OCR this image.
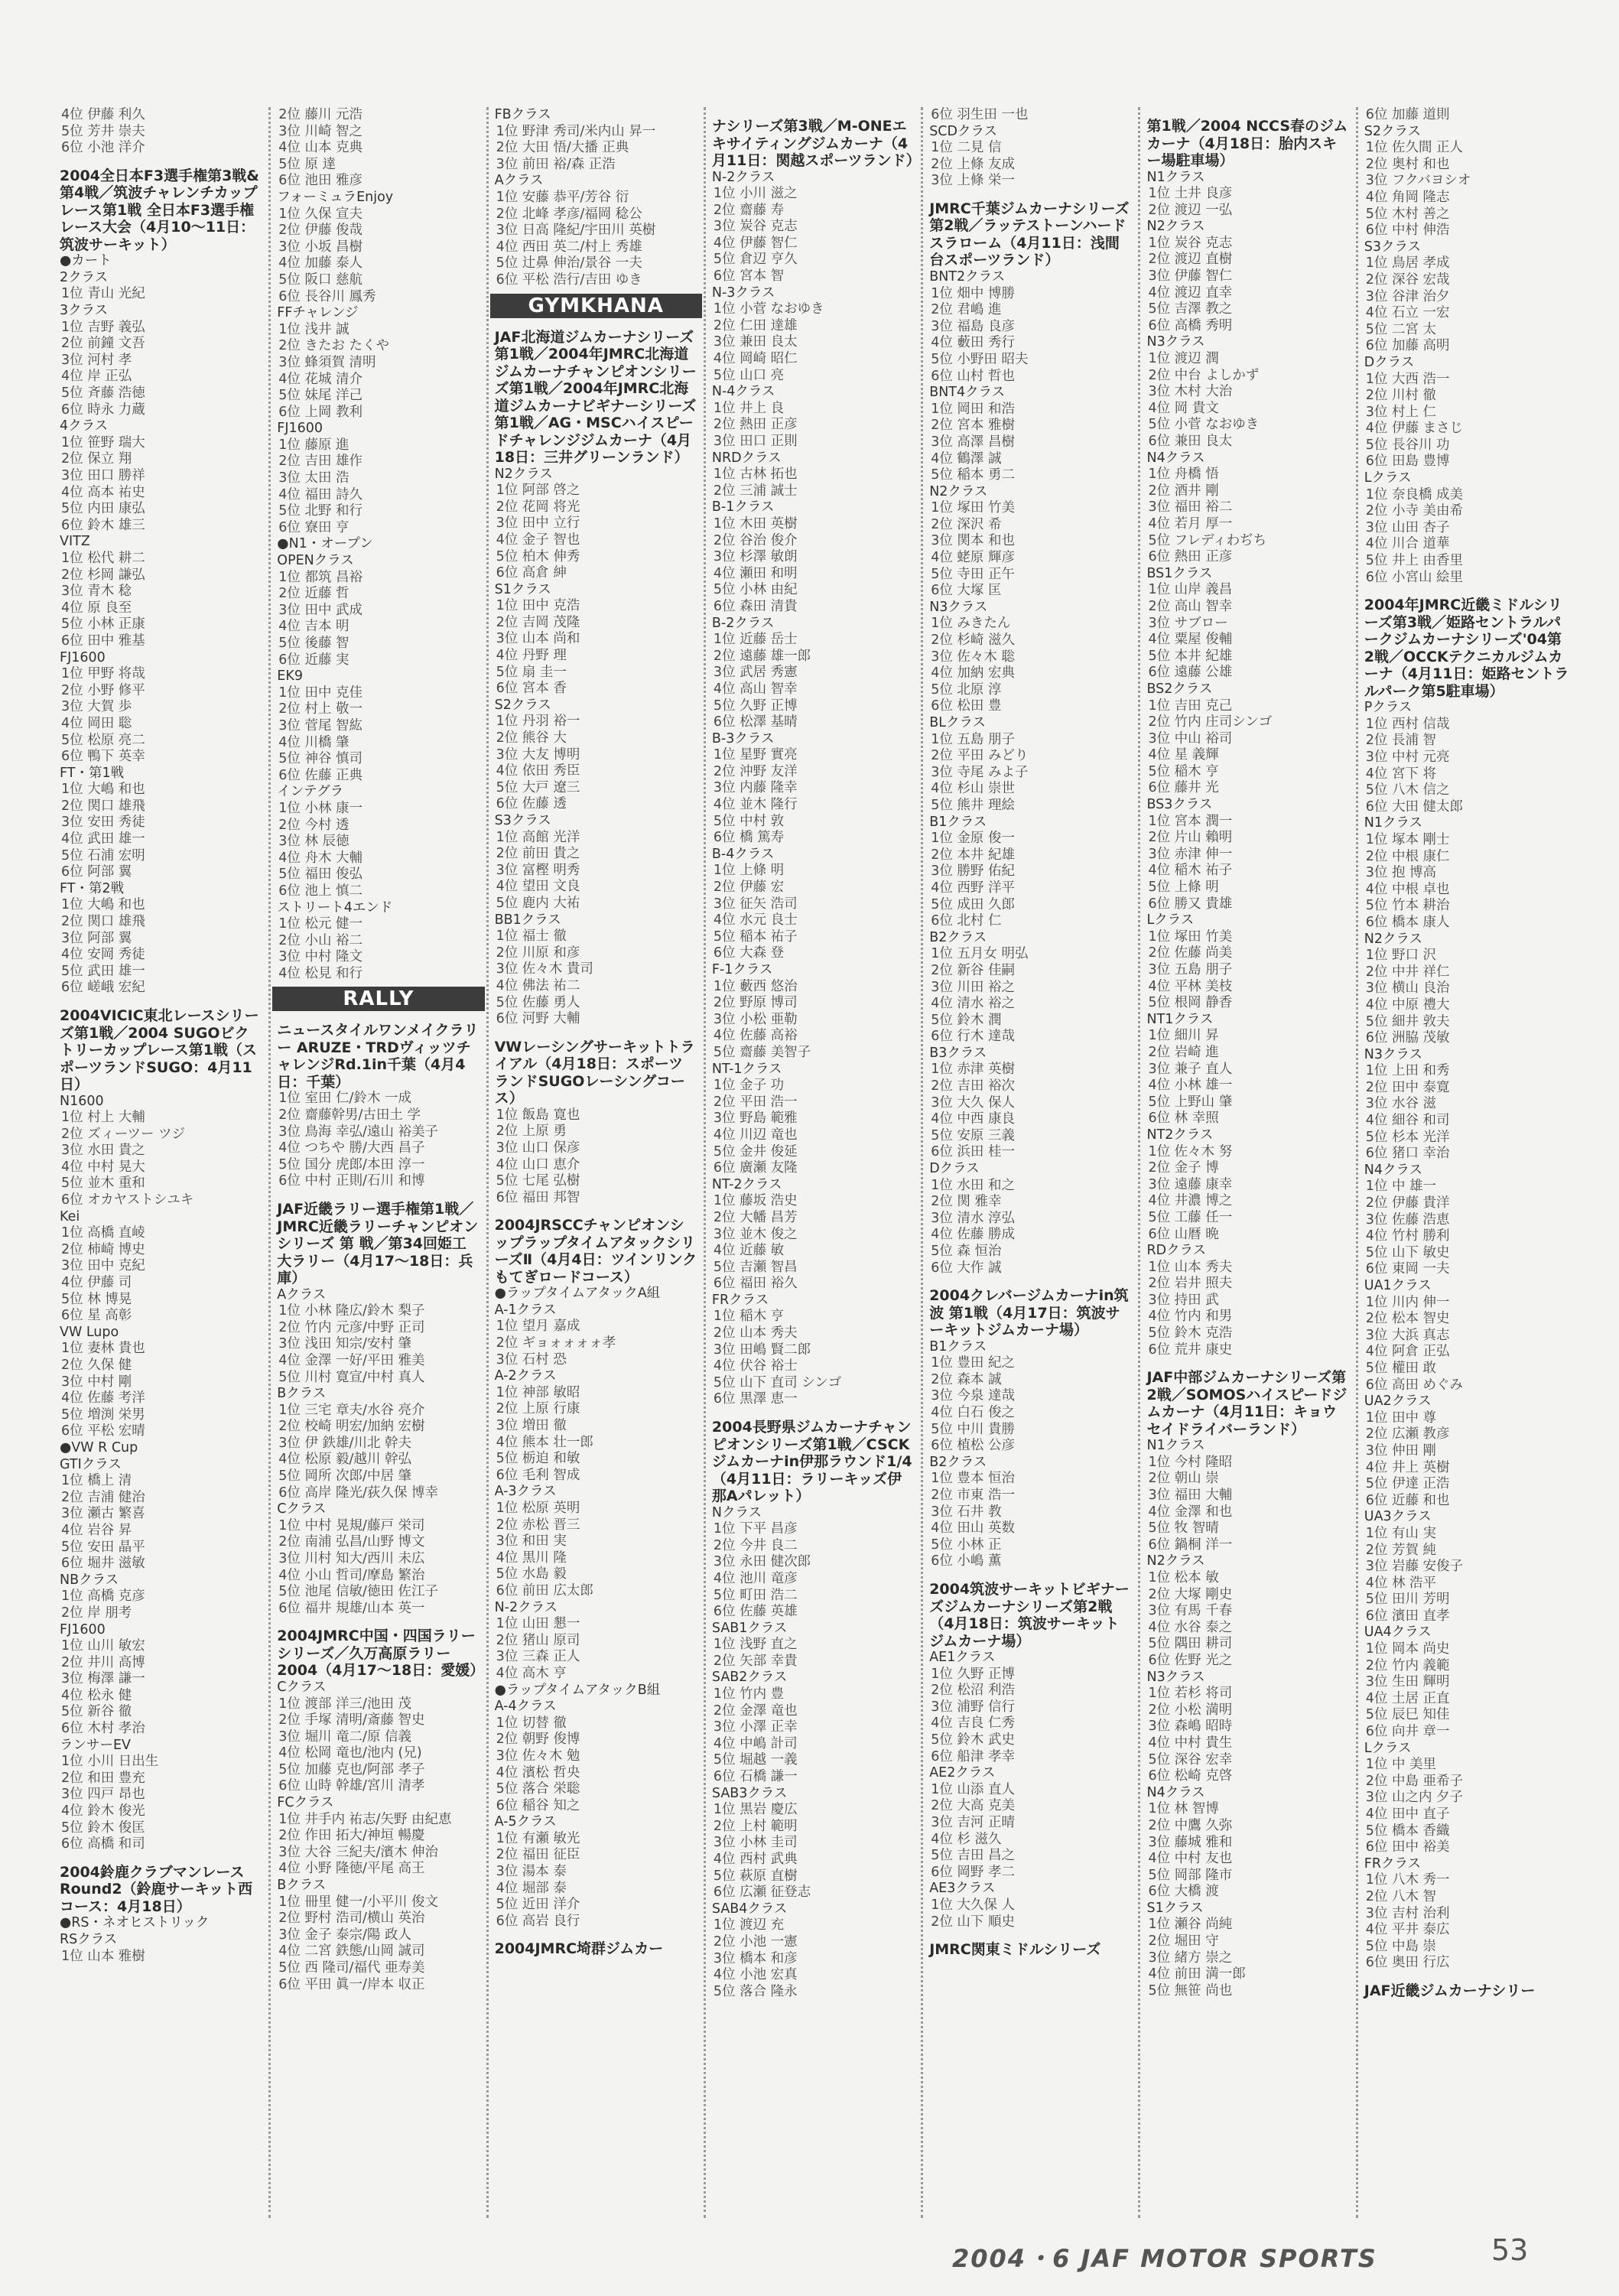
4位 伊藤 利久
5位 芳井 崇夫
6位 小池 洋介
2004全日本F3選手権第3戦&第4戦／筑波チャレンチカップレース第1戦 全日本F3選手権レース大会（4月10〜11日：筑波サーキット）
●カート
2クラス
1位 青山 光紀
3クラス
1位 吉野 義弘
2位 前鐘 文吾
3位 河村 孝
4位 岸 正弘
5位 斉藤 浩徳
6位 時永 力蔵
4クラス
1位 笹野 瑞大
2位 保立 翔
3位 田口 勝祥
4位 高本 祐史
5位 内田 康弘
6位 鈴木 雄三
VITZ
1位 松代 耕二
2位 杉岡 謙弘
3位 青木 稔
4位 原 良至
5位 小林 正康
6位 田中 雅基
FJ1600
1位 甲野 将哉
2位 小野 修平
3位 大賀 歩
4位 岡田 聡
5位 松原 亮二
6位 鴨下 英幸
FT・第1戦
1位 大嶋 和也
2位 関口 雄飛
3位 安田 秀徒
4位 武田 雄一
5位 石浦 宏明
6位 阿部 翼
FT・第2戦
1位 大嶋 和也
2位 関口 雄飛
3位 阿部 翼
4位 安岡 秀徒
5位 武田 雄一
6位 嵯峨 宏紀
2004VICIC東北レースシリーズ第1戦／2004 SUGOビクトリーカップレース第1戦（スポーツランドSUGO：4月11日）
N1600
1位 村上 大輔
2位 ズィーツー ツジ
3位 水田 貴之
4位 中村 晃大
5位 並木 重和
6位 オカヤストシユキ
Kei
1位 高橋 直崚
2位 柿崎 博史
3位 田中 克紀
4位 伊藤 司
5位 林 博晃
6位 星 高彰
VW Lupo
1位 妻林 貴也
2位 久保 健
3位 中村 剛
4位 佐藤 考洋
5位 増渕 栄男
6位 平松 宏晴
●VW R Cup
GTIクラス
1位 橋上 清
2位 吉浦 健治
3位 瀬古 繁喜
4位 岩谷 昇
5位 安田 晶平
6位 堀井 滋敏
NBクラス
1位 高橋 克彦
2位 岸 朋考
FJ1600
1位 山川 敏宏
2位 井川 高博
3位 梅澤 謙一
4位 松永 健
5位 新谷 徹
6位 木村 孝治
ランサーEV
1位 小川 日出生
2位 和田 豊充
3位 四戸 昂也
4位 鈴木 俊光
5位 鈴木 俊匡
6位 高橋 和司
2004鈴鹿クラブマンレースRound2（鈴鹿サーキット西コース：4月18日）
●RS・ネオヒストリック
RSクラス
1位 山本 雅樹
2位 藤川 元浩
3位 川崎 智之
4位 山本 克典
5位 原 達
6位 池田 雅彦
フォーミュラEnjoy
1位 久保 宣夫
2位 伊藤 俊哉
3位 小坂 昌樹
4位 加藤 泰人
5位 阪口 慈航
6位 長谷川 鳳秀
FFチャレンジ
1位 浅井 誠
2位 きたお たくや
3位 蜂須賀 清明
4位 花城 清介
5位 妹尾 洋己
6位 上岡 教利
FJ1600
1位 藤原 進
2位 吉田 雄作
3位 太田 浩
4位 福田 詩久
5位 北野 和行
6位 寮田 亨
●N1・オープン
OPENクラス
1位 都筑 昌裕
2位 近藤 哲
3位 田中 武成
4位 吉本 明
5位 後藤 智
6位 近藤 実
EK9
1位 田中 克佳
2位 村上 敬一
3位 菅尾 智紘
4位 川橋 肇
5位 神谷 慎司
6位 佐藤 正典
インテグラ
1位 小林 康一
2位 今村 透
3位 林 辰徳
4位 舟木 大輔
5位 福田 俊弘
6位 池上 慎二
ストリート4エンド
1位 松元 健一
2位 小山 裕二
3位 中村 隆文
4位 松見 和行
RALLY
ニュースタイルワンメイクラリー ARUZE・TRDヴィッツチャレンジRd.1in千葉（4月4日：千葉）
1位 室田 仁/鈴木 一成
2位 齋藤幹男/古田土 学
3位 鳥海 幸弘/遠山 裕美子
4位 つちや 勝/大西 昌子
5位 国分 虎郎/本田 淳一
6位 中村 正則/石川 和博
JAF近畿ラリー選手権第1戦／JMRC近畿ラリーチャンピオンシリーズ 第 戦／第34回姫工大ラリー（4月17〜18日：兵庫）
Aクラス
1位 小林 隆広/鈴木 梨子
2位 竹内 元彦/中野 正司
3位 浅田 知宗/安村 肇
4位 金澤 一好/平田 雅美
5位 川村 寛宣/中村 真人
Bクラス
1位 三宅 章夫/水谷 亮介
2位 校崎 明宏/加納 宏樹
3位 伊 鉄雄/川北 幹夫
4位 松原 毅/越川 幹弘
5位 岡所 次郎/中居 肇
6位 高岸 隆光/荻久保 博幸
Cクラス
1位 中村 晃規/藤戸 栄司
2位 南浦 弘昌/山野 博文
3位 川村 知大/西川 未広
4位 小山 哲司/摩島 繁治
5位 池尾 信敏/徳田 佐江子
6位 福井 規雄/山本 英一
2004JMRC中国・四国ラリーシリーズ／久万高原ラリー2004（4月17〜18日：愛媛）
Cクラス
1位 渡部 洋三/池田 茂
2位 手塚 清明/斎藤 智史
3位 堀川 竜二/原 信義
4位 松岡 竜也/池内 (兄)
5位 加藤 克也/阿部 孝子
6位 山時 幹雄/宮川 清孝
FCクラス
1位 井手内 祐志/矢野 由紀恵
2位 作田 拓大/神垣 暢慶
3位 大谷 三紀夫/濱木 伸治
4位 小野 隆徳/平尾 高王
Bクラス
1位 冊里 健一/小平川 俊文
2位 野村 浩司/横山 英治
3位 金子 泰宗/陽 政人
4位 二宮 鉄態/山岡 誠司
5位 西 隆司/福代 亜寿美
6位 平田 眞一/岸本 収正
FBクラス
1位 野津 秀司/米内山 昇一
2位 大田 悟/大播 正典
3位 前田 裕/森 正浩
Aクラス
1位 安藤 恭平/芳谷 衍
2位 北峰 孝彦/福岡 稔公
3位 日高 隆紀/宇田川 英樹
4位 西田 英二/村上 秀雄
5位 辻鼻 伸治/景谷 一夫
6位 平松 浩行/吉田 ゆき
GYMKHANA
JAF北海道ジムカーナシリーズ第1戦／2004年JMRC北海道ジムカーナチャンピオンシリーズ第1戦／2004年JMRC北海道ジムカーナビギナーシリーズ第1戦／AG・MSCハイスピードチャレンジジムカーナ（4月18日：三井グリーンランド）
N2クラス
1位 阿部 啓之
2位 花岡 将光
3位 田中 立行
4位 金子 智也
5位 柏木 伸秀
6位 高倉 紳
S1クラス
1位 田中 克浩
2位 吉岡 茂隆
3位 山本 尚和
4位 丹野 理
5位 扇 圭一
6位 宮本 香
S2クラス
1位 丹羽 裕一
2位 熊谷 大
3位 大友 博明
4位 依田 秀臣
5位 大戸 遼三
6位 佐藤 透
S3クラス
1位 高館 光洋
2位 前田 貴之
3位 富樫 明秀
4位 望田 文良
5位 鹿内 大祐
BB1クラス
1位 福士 徹
2位 川原 和彦
3位 佐々木 貴司
4位 佛法 祐二
5位 佐藤 勇人
6位 河野 大輔
VWレーシングサーキットトライアル（4月18日：スポーツランドSUGOレーシングコース）
1位 飯島 寛也
2位 上原 勇
3位 山口 保彦
4位 山口 恵介
5位 七尾 弘樹
6位 福田 邦智
2004JRSCCチャンピオンシップラップタイムアタックシリーズⅡ（4月4日：ツインリンクもてぎロードコース）
●ラップタイムアタックA組
A-1クラス
1位 望月 嘉成
2位 ギョォォォォ孝
3位 石村 恐
A-2クラス
1位 神部 敏昭
2位 上原 行康
3位 増田 徹
4位 熊本 壮一郎
5位 栃迫 和敏
6位 毛利 智成
A-3クラス
1位 松原 英明
2位 赤松 晋三
3位 和田 実
4位 黒川 隆
5位 水島 毅
6位 前田 広太郎
N-2クラス
1位 山田 懇一
2位 猪山 原司
3位 三森 正人
4位 高木 亨
●ラップタイムアタックB組
A-4クラス
1位 切替 徹
2位 朝野 俊博
3位 佐々木 勉
4位 濱松 哲央
5位 落合 栄聡
6位 稲谷 知之
A-5クラス
1位 有瀬 敏光
2位 福田 征臣
3位 湯本 泰
4位 堀部 泰
5位 近田 洋介
6位 高岩 良行
2004JMRC埼群ジムカー
ナシリーズ第3戦／M-ONEエキサイティングジムカーナ（4月11日：関越スポーツランド）
N-2クラス
1位 小川 滋之
2位 齋藤 寿
3位 炭谷 克志
4位 伊藤 智仁
5位 倉辺 亨久
6位 宮本 智
N-3クラス
1位 小菅 なおゆき
2位 仁田 達雄
3位 兼田 良太
4位 岡崎 昭仁
5位 山口 亮
N-4クラス
1位 井上 良
2位 熱田 正彦
3位 田口 正則
NRDクラス
1位 古林 拓也
2位 三浦 誠士
B-1クラス
1位 木田 英樹
2位 谷治 俊介
3位 杉澤 敏朗
4位 瀬田 和明
5位 小林 由紀
6位 森田 清貴
B-2クラス
1位 近藤 岳士
2位 遠藤 雄一郎
3位 武居 秀憲
4位 高山 智幸
5位 久野 正博
6位 松澤 基晴
B-3クラス
1位 星野 實亮
2位 沖野 友洋
3位 内藤 隆幸
4位 並木 隆行
5位 中村 敦
6位 橋 篤寿
B-4クラス
1位 上條 明
2位 伊藤 宏
3位 征矢 浩司
4位 水元 良士
5位 稲本 祐子
6位 大森 登
F-1クラス
1位 藪西 悠治
2位 野原 博司
3位 小松 亜勒
4位 佐藤 高裕
5位 齋藤 美智子
NT-1クラス
1位 金子 功
2位 平田 浩一
3位 野島 範雅
4位 川辺 竜也
5位 金井 俊延
6位 廣瀬 友隆
NT-2クラス
1位 藤坂 浩史
2位 大幡 昌芳
3位 並木 俊之
4位 近藤 敏
5位 吉瀬 智昌
6位 福田 裕久
FRクラス
1位 稲木 亨
2位 山本 秀夫
3位 田嶋 賢二郎
4位 伏谷 裕士
5位 山下 直司 シンゴ
6位 黒澤 恵一
2004長野県ジムカーナチャンピオンシリーズ第1戦／CSCKジムカーナin伊那ラウンド1/4（4月11日：ラリーキッズ伊那Aパレット）
Nクラス
1位 下平 昌彦
2位 今井 良二
3位 永田 健次郎
4位 池川 竜彦
5位 町田 浩二
6位 佐藤 英雄
SAB1クラス
1位 浅野 直之
2位 矢部 幸貴
SAB2クラス
1位 竹内 豊
2位 金澤 竜也
3位 小澤 正幸
4位 中嶋 計司
5位 堀越 一義
6位 石橋 謙一
SAB3クラス
1位 黒岩 慶広
2位 上村 範明
3位 小林 圭司
4位 西村 武典
5位 萩原 直樹
6位 広瀬 征登志
SAB4クラス
1位 渡辺 充
2位 小池 一憲
3位 橋本 和彦
4位 小池 宏真
5位 落合 隆永
6位 羽生田 一也
SCDクラス
1位 二見 信
2位 上條 友成
3位 上條 栄一
JMRC千葉ジムカーナシリーズ第2戦／ラッテストーンハードスラローム（4月11日：浅間台スポーツランド）
BNT2クラス
1位 畑中 博勝
2位 君嶋 進
3位 福島 良彦
4位 藪田 秀行
5位 小野田 昭夫
6位 山村 哲也
BNT4クラス
1位 岡田 和浩
2位 宮本 雅樹
3位 高澤 昌樹
4位 鶴澤 誠
5位 稲本 勇二
N2クラス
1位 塚田 竹美
2位 深沢 希
3位 関本 和也
4位 蛯原 輝彦
5位 寺田 正午
6位 大塚 匡
N3クラス
1位 みきたん
2位 杉崎 滋久
3位 佐々木 聡
4位 加納 宏典
5位 北原 淳
6位 松田 豊
BLクラス
1位 五島 朋子
2位 平田 みどり
3位 寺尾 みよ子
4位 杉山 崇世
5位 熊井 理絵
B1クラス
1位 金原 俊一
2位 本井 紀雄
3位 勝野 佑紀
4位 西野 洋平
5位 成田 久郎
6位 北村 仁
B2クラス
1位 五月女 明弘
2位 新谷 佳嗣
3位 川田 裕之
4位 清水 裕之
5位 鈴木 潤
6位 行木 達哉
B3クラス
1位 赤津 英樹
2位 吉田 裕次
3位 大久 保人
4位 中西 康良
5位 安原 三義
6位 浜田 桂一
Dクラス
1位 水田 和之
2位 関 雅幸
3位 清水 淳弘
4位 佐藤 勝成
5位 森 恒治
6位 大作 誠
2004クレバージムカーナin筑波 第1戦（4月17日：筑波サーキットジムカーナ場）
B1クラス
1位 豊田 紀之
2位 森本 誠
3位 今泉 達哉
4位 白石 俊之
5位 中川 貴勝
6位 植松 公彦
B2クラス
1位 豊本 恒治
2位 市東 浩一
3位 石井 教
4位 田山 英数
5位 小林 正
6位 小嶋 薫
2004筑波サーキットビギナーズジムカーナシリーズ第2戦（4月18日：筑波サーキットジムカーナ場）
AE1クラス
1位 久野 正博
2位 松沼 利浩
3位 浦野 信行
4位 吉良 仁秀
5位 鈴木 武史
6位 船津 孝幸
AE2クラス
1位 山添 直人
2位 大高 克美
3位 吉河 正晴
4位 杉 滋久
5位 吉田 昌之
6位 岡野 孝二
AE3クラス
1位 大久保 人
2位 山下 順史
JMRC関東ミドルシリーズ
第1戦／2004 NCCS春のジムカーナ（4月18日：胎内スキー場駐車場）
N1クラス
1位 土井 良彦
2位 渡辺 一弘
N2クラス
1位 炭谷 克志
2位 渡辺 直樹
3位 伊藤 智仁
4位 渡辺 直幸
5位 吉澤 教之
6位 高橋 秀明
N3クラス
1位 渡辺 潤
2位 中台 よしかず
3位 木村 大治
4位 岡 貴文
5位 小菅 なおゆき
6位 兼田 良太
N4クラス
1位 舟橋 悟
2位 酒井 剛
3位 福田 裕二
4位 若月 厚一
5位 フレディわぢち
6位 熱田 正彦
BS1クラス
1位 山岸 義昌
2位 高山 智幸
3位 サブロー
4位 粟屋 俊輔
5位 本井 紀雄
6位 遠藤 公雄
BS2クラス
1位 吉田 克己
2位 竹内 庄司シンゴ
3位 中山 裕司
4位 星 義輝
5位 稲木 亨
6位 藤井 光
BS3クラス
1位 宮本 潤一
2位 片山 賴明
3位 赤津 伸一
4位 稲木 祐子
5位 上條 明
6位 勝又 貴雄
Lクラス
1位 塚田 竹美
2位 佐藤 尚美
3位 五島 朋子
4位 平林 美枝
5位 根岡 静香
NT1クラス
1位 細川 昇
2位 岩崎 進
3位 兼子 直人
4位 小林 雄一
5位 上野山 肇
6位 林 幸照
NT2クラス
1位 佐々木 努
2位 金子 博
3位 遠藤 康幸
4位 井濃 博之
5位 工藤 任一
6位 山暦 晩
RDクラス
1位 山本 秀夫
2位 岩井 照夫
3位 持田 武
4位 竹内 和男
5位 鈴木 克浩
6位 荒井 康史
JAF中部ジムカーナシリーズ第2戦／SOMOSハイスピードジムカーナ（4月11日：キョウセイドライバーランド）
N1クラス
1位 今村 隆昭
2位 朝山 崇
3位 福田 大輔
4位 金澤 和也
5位 牧 智晴
6位 鍋桐 洋一
N2クラス
1位 松本 敏
2位 大塚 剛史
3位 有馬 千春
4位 水谷 泰之
5位 隅田 耕司
6位 佐野 光之
N3クラス
1位 若杉 将司
2位 小松 満明
3位 森嶋 昭時
4位 中村 貴生
5位 深谷 宏幸
6位 松崎 克啓
N4クラス
1位 林 智博
2位 中鷹 久弥
3位 藤城 雅和
4位 中村 友也
5位 岡部 隆市
6位 大橋 渡
S1クラス
1位 瀬谷 尚純
2位 堀田 守
3位 緒方 崇之
4位 前田 満一郎
5位 無笹 尚也
6位 加藤 道則
S2クラス
1位 佐久間 正人
2位 奥村 和也
3位 フクバヨシオ
4位 角岡 隆志
5位 木村 善之
6位 中村 伸浩
S3クラス
1位 鳥居 孝成
2位 深谷 宏哉
3位 谷津 治夕
4位 石立 一宏
5位 二宮 太
6位 加藤 高明
Dクラス
1位 大西 浩一
2位 川村 徹
3位 村上 仁
4位 伊藤 まさじ
5位 長谷川 功
6位 田島 豊博
Lクラス
1位 奈良橋 成美
2位 小寺 美由希
3位 山田 杏子
4位 川合 道華
5位 井上 由香里
6位 小宮山 絵里
2004年JMRC近畿ミドルシリーズ第3戦／姫路セントラルパークジムカーナシリーズ'04第2戦／OCCKテクニカルジムカーナ（4月11日：姫路セントラルパーク第5駐車場）
Pクラス
1位 西村 信哉
2位 長浦 智
3位 中村 元亮
4位 宮下 将
5位 八木 信之
6位 大田 健太郎
N1クラス
1位 塚本 剛士
2位 中根 康仁
3位 抱 博高
4位 中根 卓也
5位 竹本 耕治
6位 橋本 康人
N2クラス
1位 野口 沢
2位 中井 祥仁
3位 横山 良治
4位 中原 禮大
5位 細井 敦夫
6位 洲脇 茂敏
N3クラス
1位 上田 和秀
2位 田中 泰寛
3位 水谷 滋
4位 細谷 和司
5位 杉本 光洋
6位 猪口 幸治
N4クラス
1位 中 雄一
2位 伊藤 貴洋
3位 佐藤 浩恵
4位 竹村 勝利
5位 山下 敏史
6位 東岡 一夫
UA1クラス
1位 川内 伸一
2位 松本 智史
3位 大浜 真志
4位 阿倉 正弘
5位 權田 敢
6位 高田 めぐみ
UA2クラス
1位 田中 尊
2位 広瀬 教彦
3位 仲田 剛
4位 井上 英樹
5位 伊達 正浩
6位 近藤 和也
UA3クラス
1位 有山 実
2位 芳賀 純
3位 岩藤 安俊子
4位 林 浩平
5位 田川 芳明
6位 濱田 直孝
UA4クラス
1位 岡本 尚史
2位 竹内 義範
3位 生田 輝明
4位 土居 正直
5位 辰巳 知佳
6位 向井 章一
Lクラス
1位 中 美里
2位 中島 亜希子
3位 山之内 夕子
4位 田中 直子
5位 橋本 香織
6位 田中 裕美
FRクラス
1位 八木 秀一
2位 八木 智
3位 吉村 治利
4位 平井 泰広
5位 中島 崇
6位 奥田 行広
JAF近畿ジムカーナシリー
2004・6 JAF MOTOR SPORTS	53
